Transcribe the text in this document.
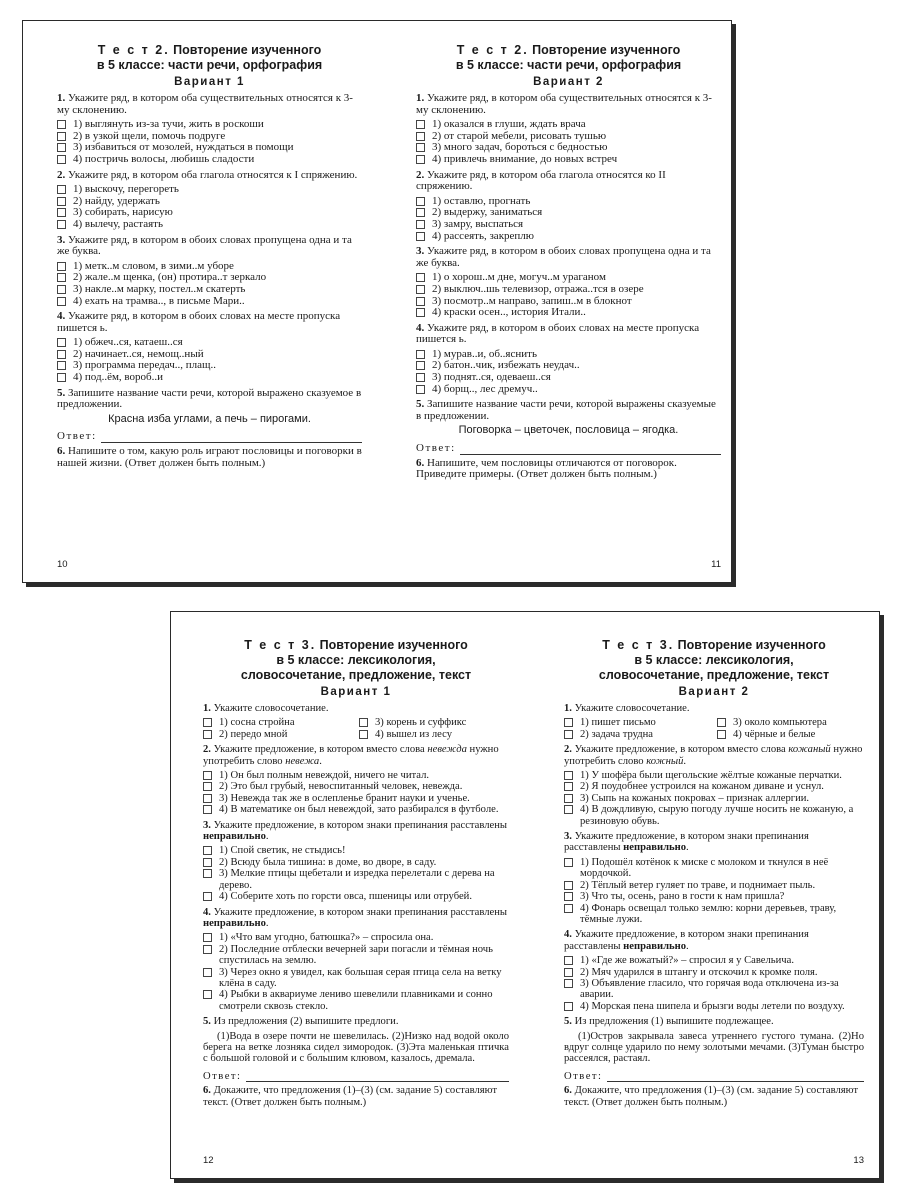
Т е с т 2. Повторение изученного

в 5 классе: части речи, орфография

Вариант 1

1. Укажите ряд, в котором оба существительных относятся к 3-му склонению.

1) выглянуть из-за тучи, жить в роскоши
2) в узкой щели, помочь подруге
3) избавиться от мозолей, нуждаться в помощи
4) постричь волосы, любишь сладости

2. Укажите ряд, в котором оба глагола относятся к I спряжению.

1) выскочу, перегореть
2) найду, удержать
3) собирать, нарисую
4) вылечу, растаять

3. Укажите ряд, в котором в обоих словах пропущена одна и та же буква.

1) метк..м словом, в зими..м уборе
2) жале..м щенка, (он) протира..т зеркало
3) накле..м марку, постел..м скатерть
4) ехать на трамва.., в письме Мари..

4. Укажите ряд, в котором в обоих словах на месте пропуска пишется ь.

1) обжеч..ся, катаеш..ся
2) начинает..ся, немощ..ный
3) программа передач.., плащ..
4) под..ём, вороб..и

5. Запишите название части речи, которой выражено сказуемое в предложении.

Красна изба углами, а печь – пирогами.
Ответ:

6. Напишите о том, какую роль играют пословицы и поговорки в нашей жизни. (Ответ должен быть полным.)

10

Т е с т 2. Повторение изученного

в 5 классе: части речи, орфография

Вариант 2

1. Укажите ряд, в котором оба существительных относятся к 3-му склонению.

1) оказался в глуши, ждать врача
2) от старой мебели, рисовать тушью
3) много задач, бороться с бедностью
4) привлечь внимание, до новых встреч

2. Укажите ряд, в котором оба глагола относятся ко II спряжению.

1) оставлю, прогнать
2) выдержу, заниматься
3) замру, выспаться
4) рассеять, закреплю

3. Укажите ряд, в котором в обоих словах пропущена одна и та же буква.

1) о хорош..м дне, могуч..м ураганом
2) выключ..шь телевизор, отража..тся в озере
3) посмотр..м направо, запиш..м в блокнот
4) краски осен.., история Итали..

4. Укажите ряд, в котором в обоих словах на месте пропуска пишется ь.

1) мурав..и, об..яснить
2) батон..чик, избежать неудач..
3) поднят..ся, одеваеш..ся
4) борщ.., лес дремуч..

5. Запишите название части речи, которой выражены сказуемые в предложении.

Поговорка – цветочек, пословица – ягодка.
Ответ:

6. Напишите, чем пословицы отличаются от поговорок. Приведите примеры. (Ответ должен быть полным.)

11

Т е с т 3. Повторение изученного

в 5 классе: лексикология,

словосочетание, предложение, текст

Вариант 1

1. Укажите словосочетание.

1) сосна стройна	3) корень и суффикс
2) передо мной	4) вышел из лесу

2. Укажите предложение, в котором вместо слова невежда нужно употребить слово невежа.

1) Он был полным невеждой, ничего не читал.
2) Это был грубый, невоспитанный человек, невежда.
3) Невежда так же в ослепленье бранит науки и ученье.
4) В математике он был невеждой, зато разбирался в футболе.

3. Укажите предложение, в котором знаки препинания расставлены неправильно.

1) Спой светик, не стыдись!
2) Всюду была тишина: в доме, во дворе, в саду.
3) Мелкие птицы щебетали и изредка перелетали с дерева на дерево.
4) Соберите хоть по горсти овса, пшеницы или отрубей.

4. Укажите предложение, в котором знаки препинания расставлены неправильно.

1) «Что вам угодно, батюшка?» – спросила она.
2) Последние отблески вечерней зари погасли и тёмная ночь спустилась на землю.
3) Через окно я увидел, как большая серая птица села на ветку клёна в саду.
4) Рыбки в аквариуме лениво шевелили плавниками и сонно смотрели сквозь стекло.

5. Из предложения (2) выпишите предлоги.

(1)Вода в озере почти не шевелилась. (2)Низко над водой около берега на ветке лозняка сидел зимородок. (3)Эта маленькая птичка с большой головой и с большим клювом, казалось, дремала.

Ответ:

6. Докажите, что предложения (1)–(3) (см. задание 5) составляют текст. (Ответ должен быть полным.)

12

Т е с т 3. Повторение изученного

в 5 классе: лексикология,

словосочетание, предложение, текст

Вариант 2

1. Укажите словосочетание.

1) пишет письмо	3) около компьютера
2) задача трудна	4) чёрные и белые

2. Укажите предложение, в котором вместо слова кожаный нужно употребить слово кожный.

1) У шофёра были щегольские жёлтые кожаные перчатки.
2) Я поудобнее устроился на кожаном диване и уснул.
3) Сыпь на кожаных покровах – признак аллергии.
4) В дождливую, сырую погоду лучше носить не кожаную, а резиновую обувь.

3. Укажите предложение, в котором знаки препинания расставлены неправильно.

1) Подошёл котёнок к миске с молоком и ткнулся в неё мордочкой.
2) Тёплый ветер гуляет по траве, и поднимает пыль.
3) Что ты, осень, рано в гости к нам пришла?
4) Фонарь освещал только землю: корни деревьев, траву, тёмные лужи.

4. Укажите предложение, в котором знаки препинания расставлены неправильно.

1) «Где же вожатый?» – спросил я у Савельича.
2) Мяч ударился в штангу и отскочил к кромке поля.
3) Объявление гласило, что горячая вода отключена из-за аварии.
4) Морская пена шипела и брызги воды летели по воздуху.

5. Из предложения (1) выпишите подлежащее.

(1)Остров закрывала завеса утреннего густого тумана. (2)Но вдруг солнце ударило по нему золотыми мечами. (3)Туман быстро рассеялся, растаял.

Ответ:

6. Докажите, что предложения (1)–(3) (см. задание 5) составляют текст. (Ответ должен быть полным.)

13
